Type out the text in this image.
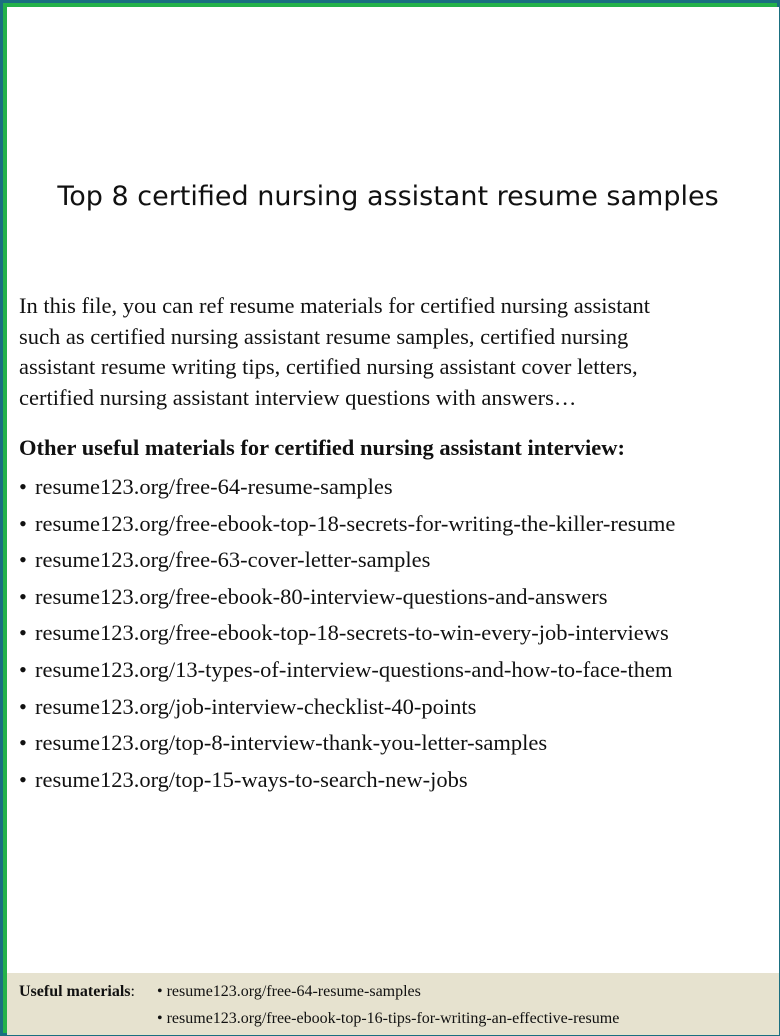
Top 8 certified nursing assistant resume samples

In this file, you can ref resume materials for certified nursing assistant
such as certified nursing assistant resume samples, certified nursing
assistant resume writing tips, certified nursing assistant cover letters,
certified nursing assistant interview questions with answers…

Other useful materials for certified nursing assistant interview:

• resume123.org/free-64-resume-samples
• resume123.org/free-ebook-top-18-secrets-for-writing-the-killer-resume
• resume123.org/free-63-cover-letter-samples
• resume123.org/free-ebook-80-interview-questions-and-answers
• resume123.org/free-ebook-top-18-secrets-to-win-every-job-interviews
• resume123.org/13-types-of-interview-questions-and-how-to-face-them
• resume123.org/job-interview-checklist-40-points
• resume123.org/top-8-interview-thank-you-letter-samples
• resume123.org/top-15-ways-to-search-new-jobs
Useful materials: • resume123.org/free-64-resume-samples
• resume123.org/free-ebook-top-16-tips-for-writing-an-effective-resume
